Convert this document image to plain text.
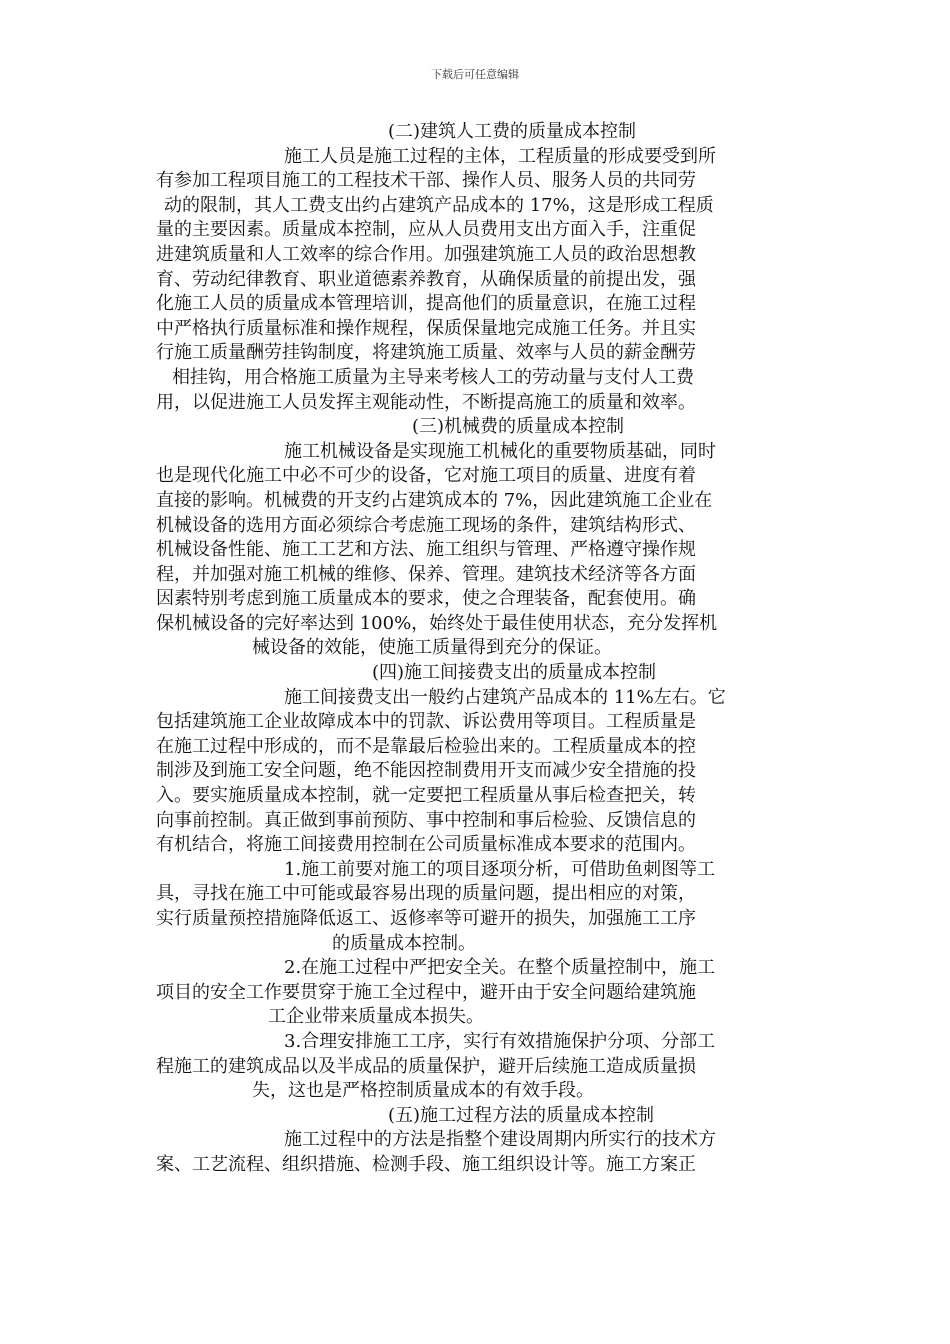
下载后可任意编辑
(二)建筑人工费的质量成本控制
施工人员是施工过程的主体，工程质量的形成要受到所
有参加工程项目施工的工程技术干部、操作人员、服务人员的共同劳
动的限制，其人工费支出约占建筑产品成本的 17%，这是形成工程质
量的主要因素。质量成本控制，应从人员费用支出方面入手，注重促
进建筑质量和人工效率的综合作用。加强建筑施工人员的政治思想教
育、劳动纪律教育、职业道德素养教育，从确保质量的前提出发，强
化施工人员的质量成本管理培训，提高他们的质量意识，在施工过程
中严格执行质量标准和操作规程，保质保量地完成施工任务。并且实
行施工质量酬劳挂钩制度，将建筑施工质量、效率与人员的薪金酬劳
相挂钩，用合格施工质量为主导来考核人工的劳动量与支付人工费
用，以促进施工人员发挥主观能动性，不断提高施工的质量和效率。
(三)机械费的质量成本控制
施工机械设备是实现施工机械化的重要物质基础，同时
也是现代化施工中必不可少的设备，它对施工项目的质量、进度有着
直接的影响。机械费的开支约占建筑成本的 7%，因此建筑施工企业在
机械设备的选用方面必须综合考虑施工现场的条件，建筑结构形式、
机械设备性能、施工工艺和方法、施工组织与管理、严格遵守操作规
程，并加强对施工机械的维修、保养、管理。建筑技术经济等各方面
因素特别考虑到施工质量成本的要求，使之合理装备，配套使用。确
保机械设备的完好率达到 100%，始终处于最佳使用状态，充分发挥机
械设备的效能，使施工质量得到充分的保证。
(四)施工间接费支出的质量成本控制
施工间接费支出一般约占建筑产品成本的 11%左右。它
包括建筑施工企业故障成本中的罚款、诉讼费用等项目。工程质量是
在施工过程中形成的，而不是靠最后检验出来的。工程质量成本的控
制涉及到施工安全问题，绝不能因控制费用开支而减少安全措施的投
入。要实施质量成本控制，就一定要把工程质量从事后检查把关，转
向事前控制。真正做到事前预防、事中控制和事后检验、反馈信息的
有机结合，将施工间接费用控制在公司质量标准成本要求的范围内。
1.施工前要对施工的项目逐项分析，可借助鱼刺图等工
具，寻找在施工中可能或最容易出现的质量问题，提出相应的对策，
实行质量预控措施降低返工、返修率等可避开的损失，加强施工工序
的质量成本控制。
2.在施工过程中严把安全关。在整个质量控制中，施工
项目的安全工作要贯穿于施工全过程中，避开由于安全问题给建筑施
工企业带来质量成本损失。
3.合理安排施工工序，实行有效措施保护分项、分部工
程施工的建筑成品以及半成品的质量保护，避开后续施工造成质量损
失，这也是严格控制质量成本的有效手段。
(五)施工过程方法的质量成本控制
施工过程中的方法是指整个建设周期内所实行的技术方
案、工艺流程、组织措施、检测手段、施工组织设计等。施工方案正
